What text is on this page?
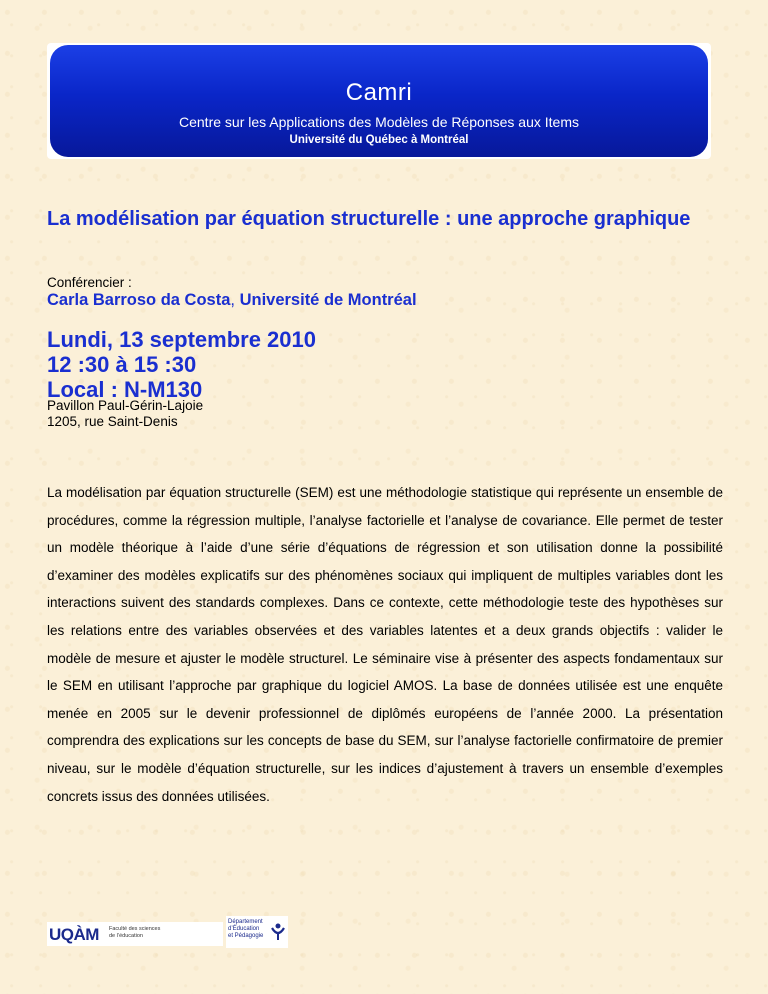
Camri
Centre sur les Applications des Modèles de Réponses aux Items
Université du Québec à Montréal
La modélisation par équation structurelle : une approche graphique
Conférencier :
Carla Barroso da Costa, Université de Montréal
Lundi, 13 septembre 2010
12 :30 à 15 :30
Local : N-M130
Pavillon Paul-Gérin-Lajoie
1205, rue Saint-Denis
La modélisation par équation structurelle (SEM) est une méthodologie statistique qui représente un ensemble de procédures, comme la régression multiple, l’analyse factorielle et l’analyse de covariance. Elle permet de tester un modèle théorique à l’aide d’une série d’équations de régression et son utilisation donne la possibilité d’examiner des modèles explicatifs sur des phénomènes sociaux qui impliquent de multiples variables dont les interactions suivent des standards complexes. Dans ce contexte, cette méthodologie teste des hypothèses sur les relations entre des variables observées et des variables latentes et a deux grands objectifs : valider le modèle de mesure et ajuster le modèle structurel. Le séminaire vise à présenter des aspects fondamentaux sur le SEM en utilisant l’approche par graphique du logiciel AMOS. La base de données utilisée est une enquête menée en 2005 sur le devenir professionnel de diplômés européens de l’année 2000. La présentation comprendra des explications sur les concepts de base du SEM, sur l’analyse factorielle confirmatoire de premier niveau, sur le modèle d’équation structurelle, sur les indices d’ajustement à travers un ensemble d’exemples concrets issus des données utilisées.
UQÀM Faculté des sciences
de l’éducation
Département
d’Éducation
et Pédagogie
